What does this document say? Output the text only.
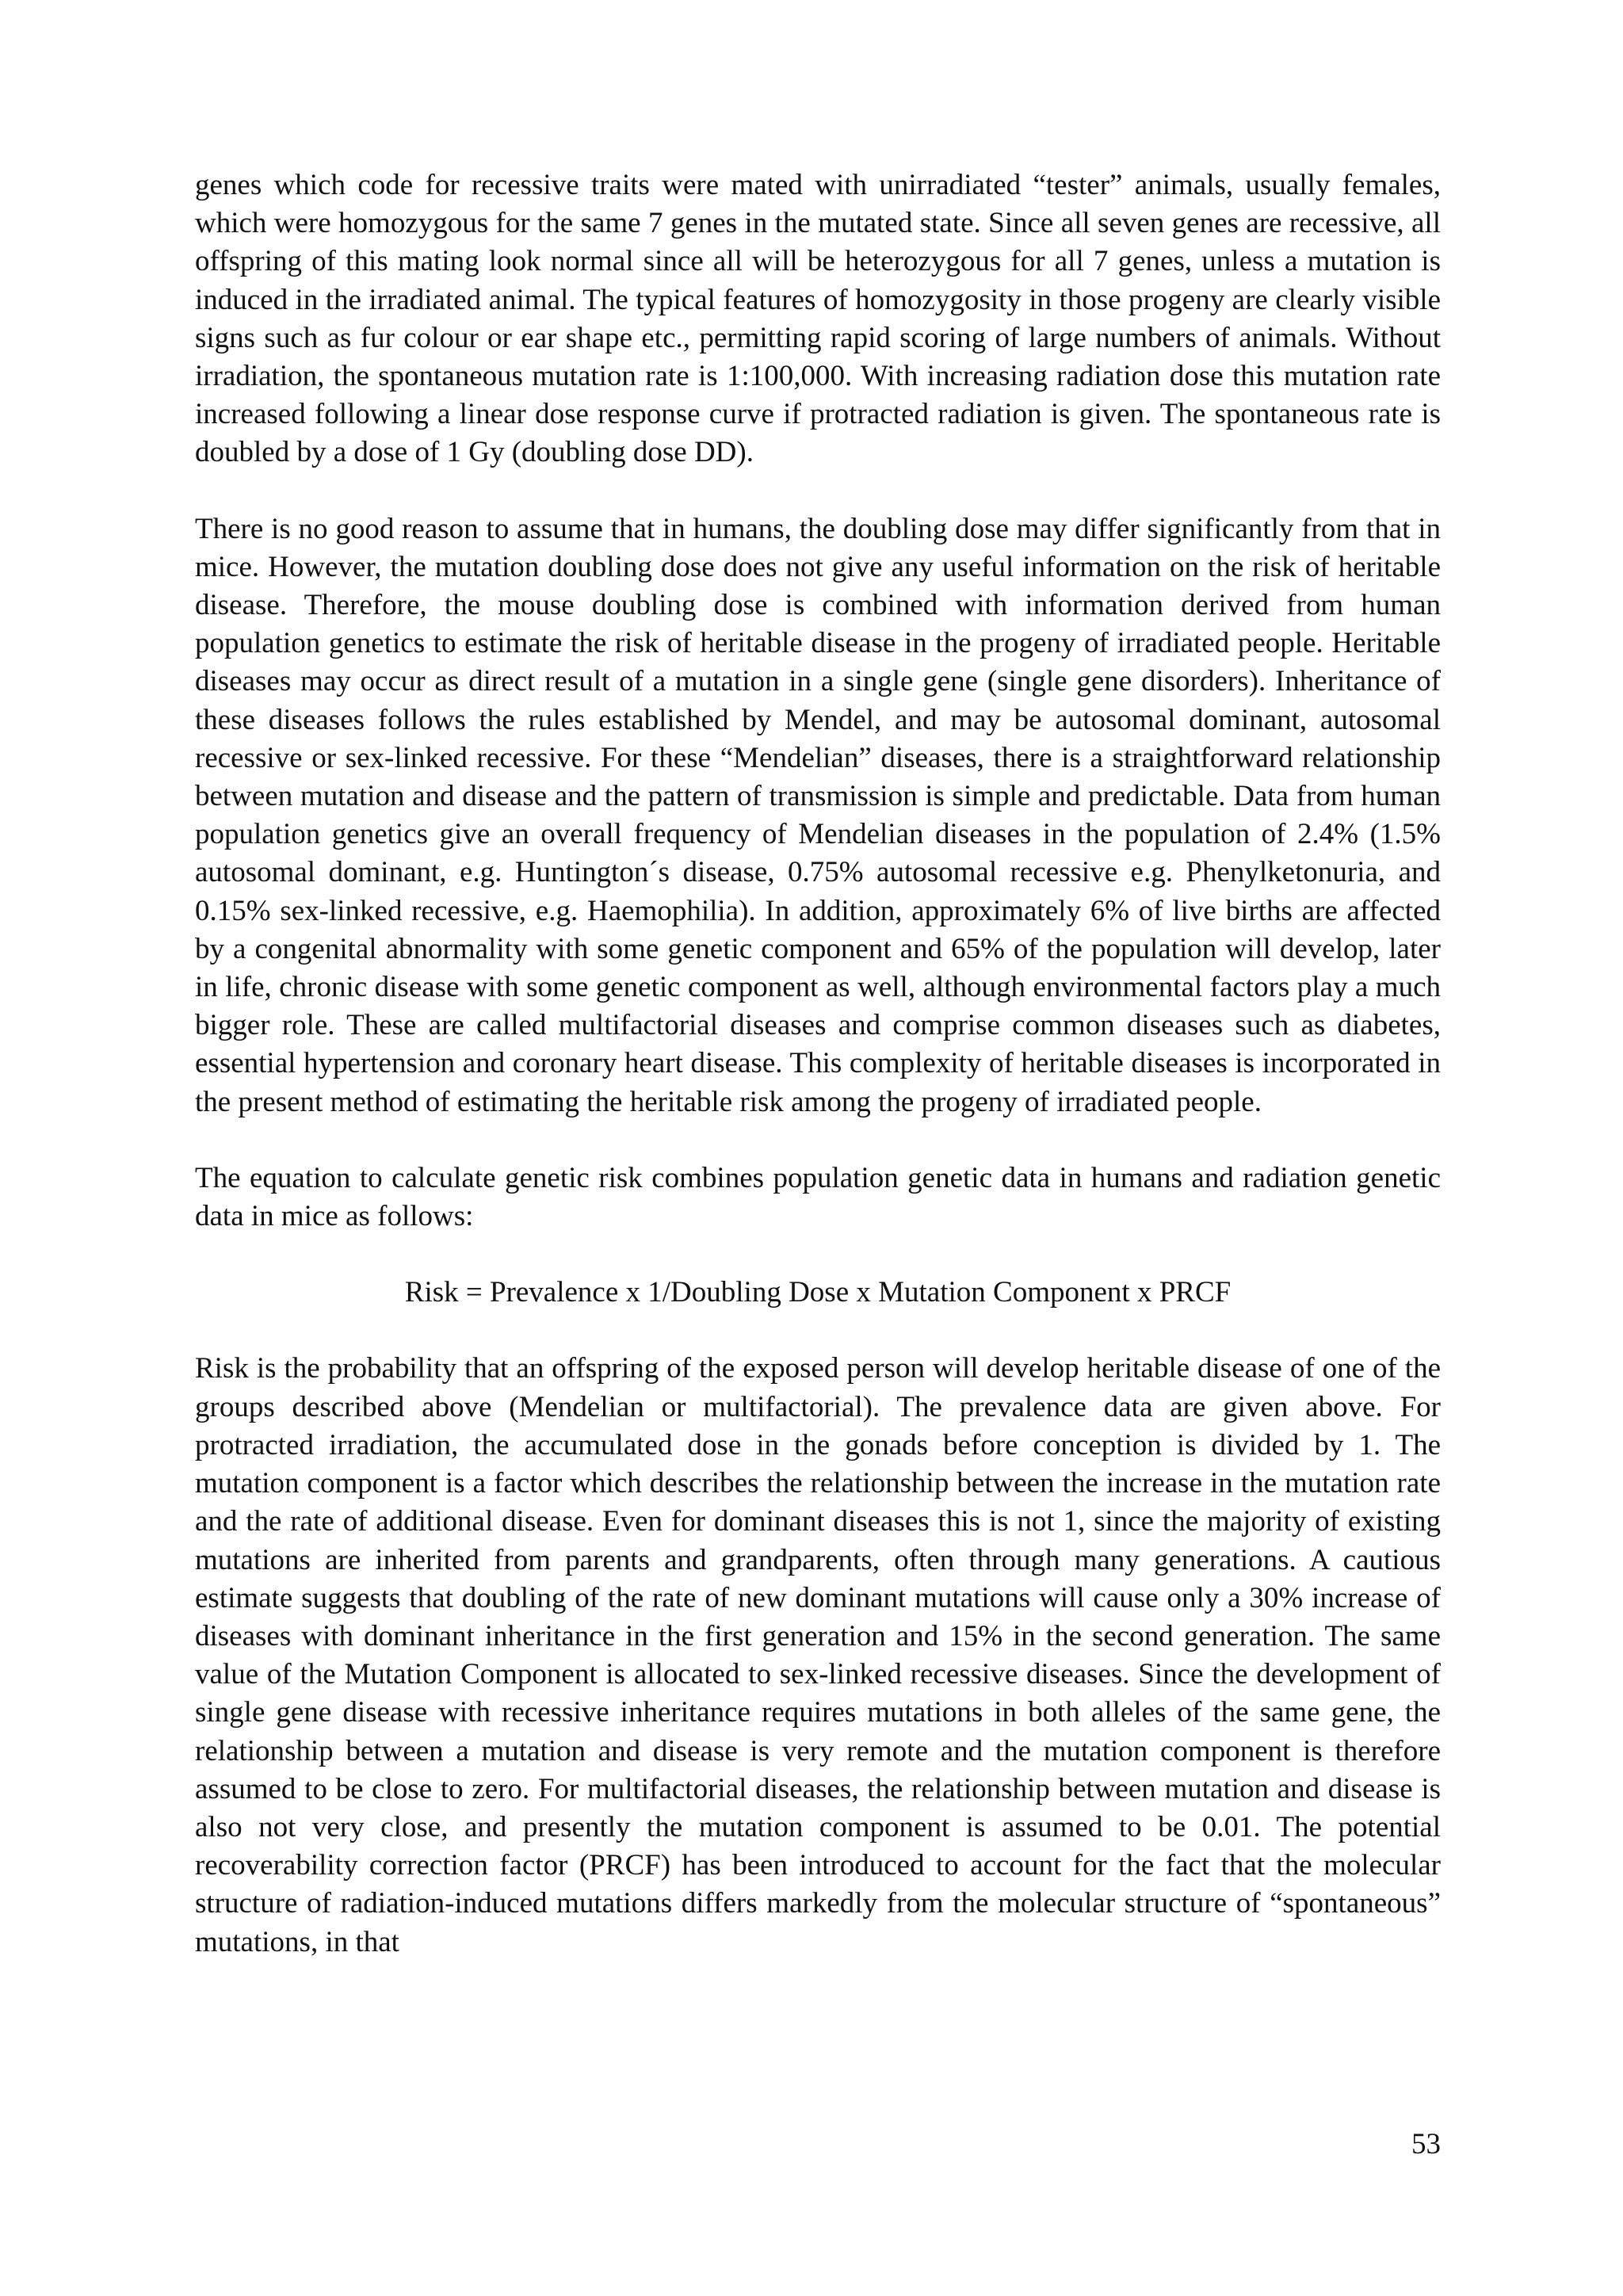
genes which code for recessive traits were mated with unirradiated “tester” animals, usually females, which were homozygous for the same 7 genes in the mutated state. Since all seven genes are recessive, all offspring of this mating look normal since all will be heterozygous for all 7 genes, unless a mutation is induced in the irradiated animal. The typical features of homozygosity in those progeny are clearly visible signs such as fur colour or ear shape etc., permitting rapid scoring of large numbers of animals. Without irradiation, the spontaneous mutation rate is 1:100,000. With increasing radiation dose this mutation rate increased following a linear dose response curve if protracted radiation is given. The spontaneous rate is doubled by a dose of 1 Gy (doubling dose DD).

There is no good reason to assume that in humans, the doubling dose may differ significantly from that in mice. However, the mutation doubling dose does not give any useful information on the risk of heritable disease. Therefore, the mouse doubling dose is combined with information derived from human population genetics to estimate the risk of heritable disease in the progeny of irradiated people. Heritable diseases may occur as direct result of a mutation in a single gene (single gene disorders). Inheritance of these diseases follows the rules established by Mendel, and may be autosomal dominant, autosomal recessive or sex-linked recessive. For these “Mendelian” diseases, there is a straightforward relationship between mutation and disease and the pattern of transmission is simple and predictable. Data from human population genetics give an overall frequency of Mendelian diseases in the population of 2.4% (1.5% autosomal dominant, e.g. Huntington´s disease, 0.75% autosomal recessive e.g. Phenylketonuria, and 0.15% sex-linked recessive, e.g. Haemophilia). In addition, approximately 6% of live births are affected by a congenital abnormality with some genetic component and 65% of the population will develop, later in life, chronic disease with some genetic component as well, although environmental factors play a much bigger role. These are called multifactorial diseases and comprise common diseases such as diabetes, essential hypertension and coronary heart disease. This complexity of heritable diseases is incorporated in the present method of estimating the heritable risk among the progeny of irradiated people.

The equation to calculate genetic risk combines population genetic data in humans and radiation genetic data in mice as follows:

Risk = Prevalence x 1/Doubling Dose x Mutation Component x PRCF

Risk is the probability that an offspring of the exposed person will develop heritable disease of one of the groups described above (Mendelian or multifactorial). The prevalence data are given above. For protracted irradiation, the accumulated dose in the gonads before conception is divided by 1. The mutation component is a factor which describes the relationship between the increase in the mutation rate and the rate of additional disease. Even for dominant diseases this is not 1, since the majority of existing mutations are inherited from parents and grandparents, often through many generations. A cautious estimate suggests that doubling of the rate of new dominant mutations will cause only a 30% increase of diseases with dominant inheritance in the first generation and 15% in the second generation. The same value of the Mutation Component is allocated to sex-linked recessive diseases. Since the development of single gene disease with recessive inheritance requires mutations in both alleles of the same gene, the relationship between a mutation and disease is very remote and the mutation component is therefore assumed to be close to zero. For multifactorial diseases, the relationship between mutation and disease is also not very close, and presently the mutation component is assumed to be 0.01. The potential recoverability correction factor (PRCF) has been introduced to account for the fact that the molecular structure of radiation-induced mutations differs markedly from the molecular structure of “spontaneous” mutations, in that

53
